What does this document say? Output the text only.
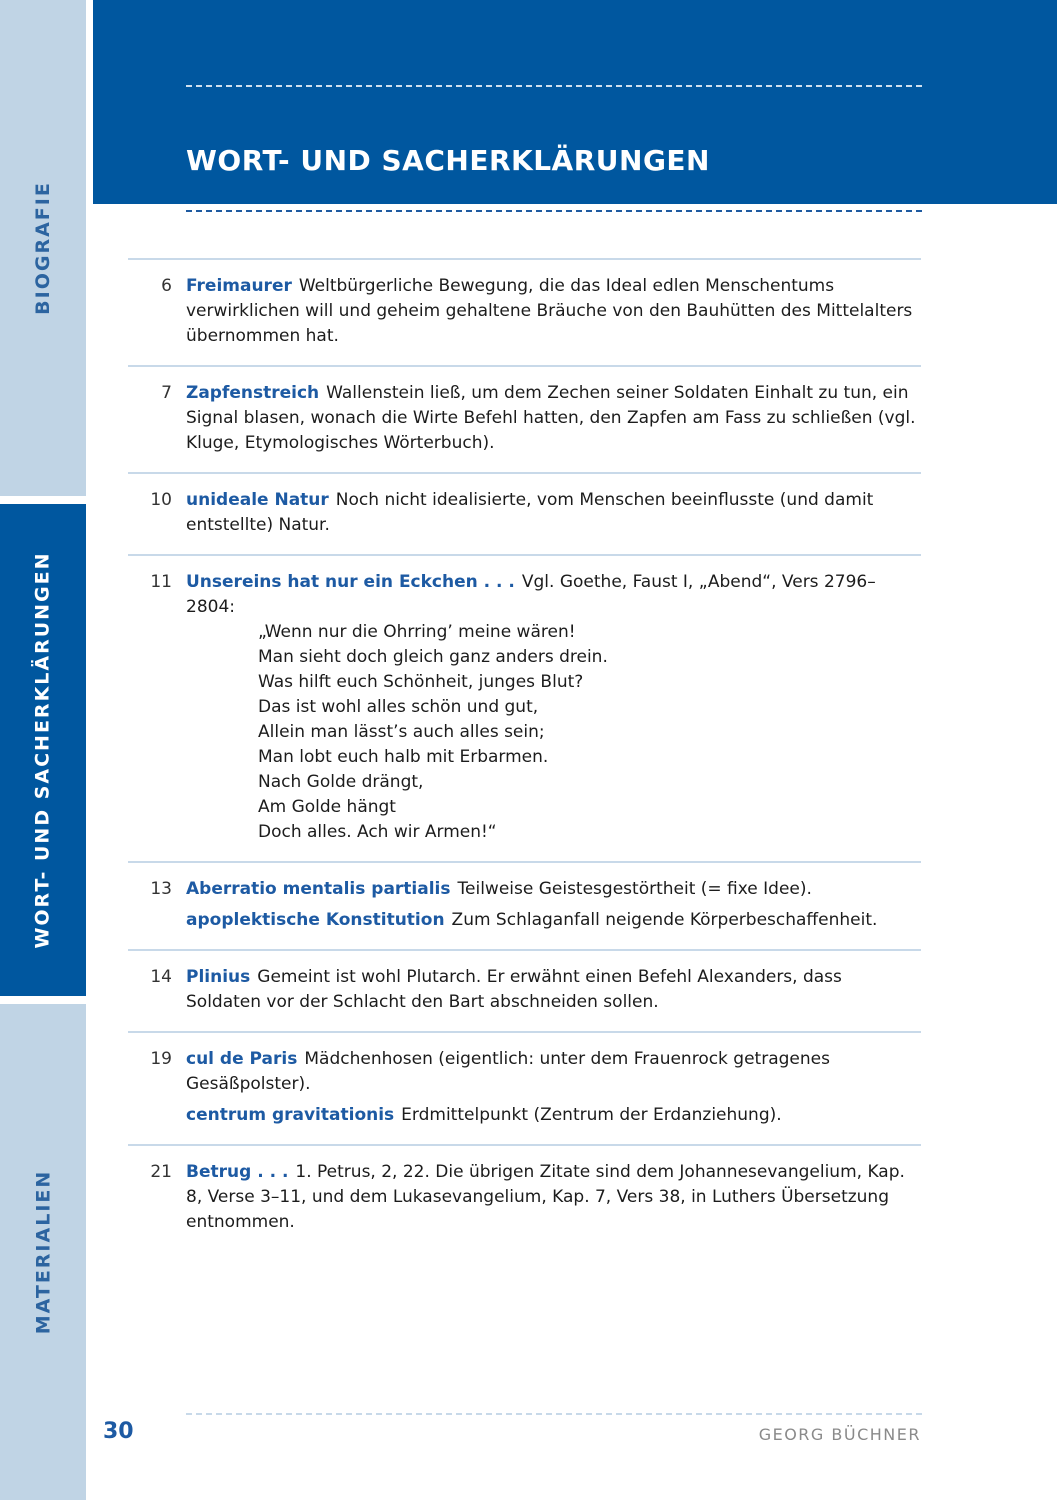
BIOGRAFIE
WORT- UND SACHERKLÄRUNGEN
MATERIALIEN
WORT- UND SACHERKLÄRUNGEN
6 Freimaurer Weltbürgerliche Bewegung, die das Ideal edlen Menschentums verwirklichen will und geheim gehaltene Bräuche von den Bauhütten des Mittelalters übernommen hat.
7 Zapfenstreich Wallenstein ließ, um dem Zechen seiner Soldaten Einhalt zu tun, ein Signal blasen, wonach die Wirte Befehl hatten, den Zapfen am Fass zu schließen (vgl. Kluge, Etymologisches Wörterbuch).
10 unideale Natur Noch nicht idealisierte, vom Menschen beeinflusste (und damit entstellte) Natur.
11 Unsereins hat nur ein Eckchen . . . Vgl. Goethe, Faust I, „Abend“, Vers 2796–2804:
„Wenn nur die Ohrring’ meine wären!
Man sieht doch gleich ganz anders drein.
Was hilft euch Schönheit, junges Blut?
Das ist wohl alles schön und gut,
Allein man lässt’s auch alles sein;
Man lobt euch halb mit Erbarmen.
Nach Golde drängt,
Am Golde hängt
Doch alles. Ach wir Armen!“
13 Aberratio mentalis partialis Teilweise Geistesgestörtheit (= fixe Idee).
apoplektische Konstitution Zum Schlaganfall neigende Körperbeschaffenheit.
14 Plinius Gemeint ist wohl Plutarch. Er erwähnt einen Befehl Alexanders, dass Soldaten vor der Schlacht den Bart abschneiden sollen.
19 cul de Paris Mädchenhosen (eigentlich: unter dem Frauenrock getragenes Gesäßpolster).
centrum gravitationis Erdmittelpunkt (Zentrum der Erdanziehung).
21 Betrug . . . 1. Petrus, 2, 22. Die übrigen Zitate sind dem Johannesevangelium, Kap. 8, Verse 3–11, und dem Lukasevangelium, Kap. 7, Vers 38, in Luthers Übersetzung entnommen.
30	GEORG BÜCHNER
